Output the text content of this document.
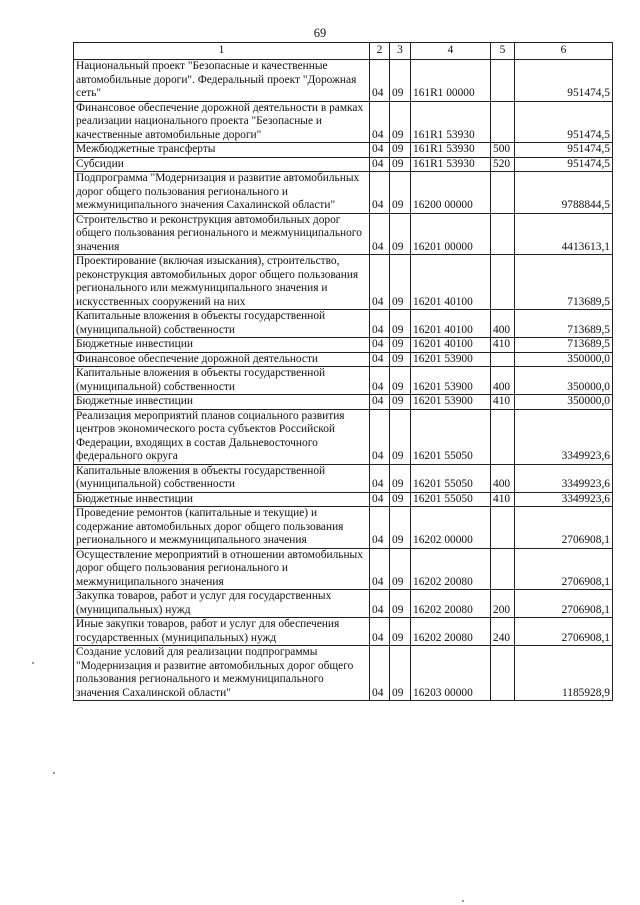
69
1	2	3	4	5	6
Национальный проект "Безопасные и качественные автомобильные дороги". Федеральный проект "Дорожная сеть"	04	09	161R1 00000		951474,5
Финансовое обеспечение дорожной деятельности в рамках реализации национального проекта "Безопасные и качественные автомобильные дороги"	04	09	161R1 53930		951474,5
Межбюджетные трансферты	04	09	161R1 53930	500	951474,5
Субсидии	04	09	161R1 53930	520	951474,5
Подпрограмма "Модернизация и развитие автомобильных дорог общего пользования регионального и межмуниципального значения Сахалинской области"	04	09	16200 00000		9788844,5
Строительство и реконструкция автомобильных дорог общего пользования регионального и межмуниципального значения	04	09	16201 00000		4413613,1
Проектирование (включая изыскания), строительство, реконструкция автомобильных дорог общего пользования регионального или межмуниципального значения и искусственных сооружений на них	04	09	16201 40100		713689,5
Капитальные вложения в объекты государственной (муниципальной) собственности	04	09	16201 40100	400	713689,5
Бюджетные инвестиции	04	09	16201 40100	410	713689,5
Финансовое обеспечение дорожной деятельности	04	09	16201 53900		350000,0
Капитальные вложения в объекты государственной (муниципальной) собственности	04	09	16201 53900	400	350000,0
Бюджетные инвестиции	04	09	16201 53900	410	350000,0
Реализация мероприятий планов социального развития центров экономического роста субъектов Российской Федерации, входящих в состав Дальневосточного федерального округа	04	09	16201 55050		3349923,6
Капитальные вложения в объекты государственной (муниципальной) собственности	04	09	16201 55050	400	3349923,6
Бюджетные инвестиции	04	09	16201 55050	410	3349923,6
Проведение ремонтов (капитальные и текущие) и содержание автомобильных дорог общего пользования регионального и межмуниципального значения	04	09	16202 00000		2706908,1
Осуществление мероприятий в отношении автомобильных дорог общего пользования регионального и межмуниципального значения	04	09	16202 20080		2706908,1
Закупка товаров, работ и услуг для государственных (муниципальных) нужд	04	09	16202 20080	200	2706908,1
Иные закупки товаров, работ и услуг для обеспечения государственных (муниципальных) нужд	04	09	16202 20080	240	2706908,1
Создание условий для реализации подпрограммы "Модернизация и развитие автомобильных дорог общего пользования регионального и межмуниципального значения Сахалинской области"	04	09	16203 00000		1185928,9
